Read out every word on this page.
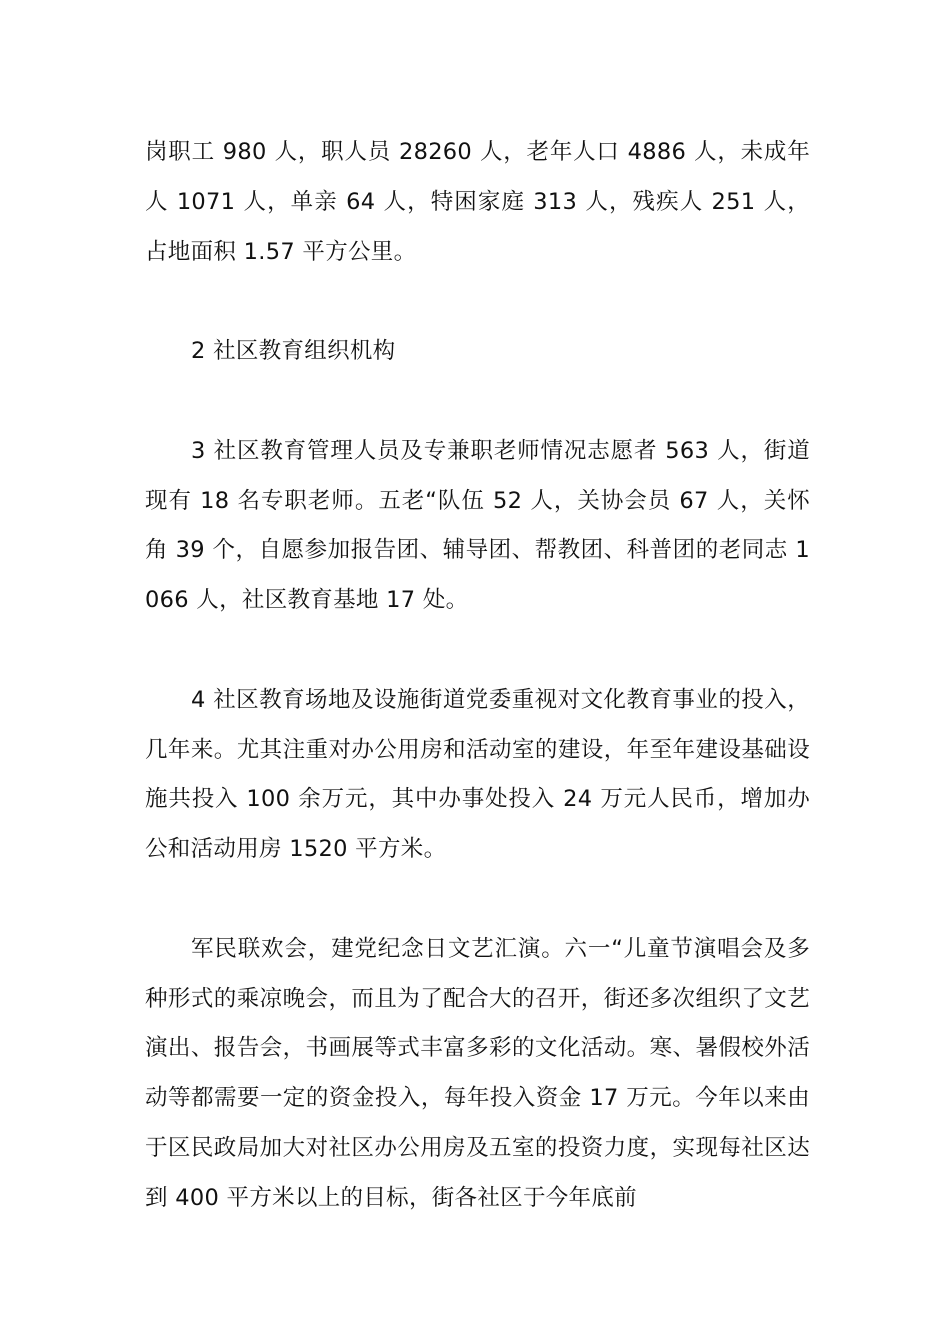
岗职工 980 人，职人员 28260 人，老年人口 4886 人，未成年人 1071 人，单亲 64 人，特困家庭 313 人，残疾人 251 人，占地面积 1.57 平方公里。

2 社区教育组织机构

3 社区教育管理人员及专兼职老师情况志愿者 563 人，街道现有 18 名专职老师。五老“队伍 52 人，关协会员 67 人，关怀角 39 个，自愿参加报告团、辅导团、帮教团、科普团的老同志 1066 人，社区教育基地 17 处。

4 社区教育场地及设施街道党委重视对文化教育事业的投入，几年来。尤其注重对办公用房和活动室的建设，年至年建设基础设施共投入 100 余万元，其中办事处投入 24 万元人民币，增加办公和活动用房 1520 平方米。

军民联欢会，建党纪念日文艺汇演。六一“儿童节演唱会及多种形式的乘凉晚会，而且为了配合大的召开，街还多次组织了文艺演出、报告会，书画展等式丰富多彩的文化活动。寒、暑假校外活动等都需要一定的资金投入，每年投入资金 17 万元。今年以来由于区民政局加大对社区办公用房及五室的投资力度，实现每社区达到 400 平方米以上的目标，街各社区于今年底前
